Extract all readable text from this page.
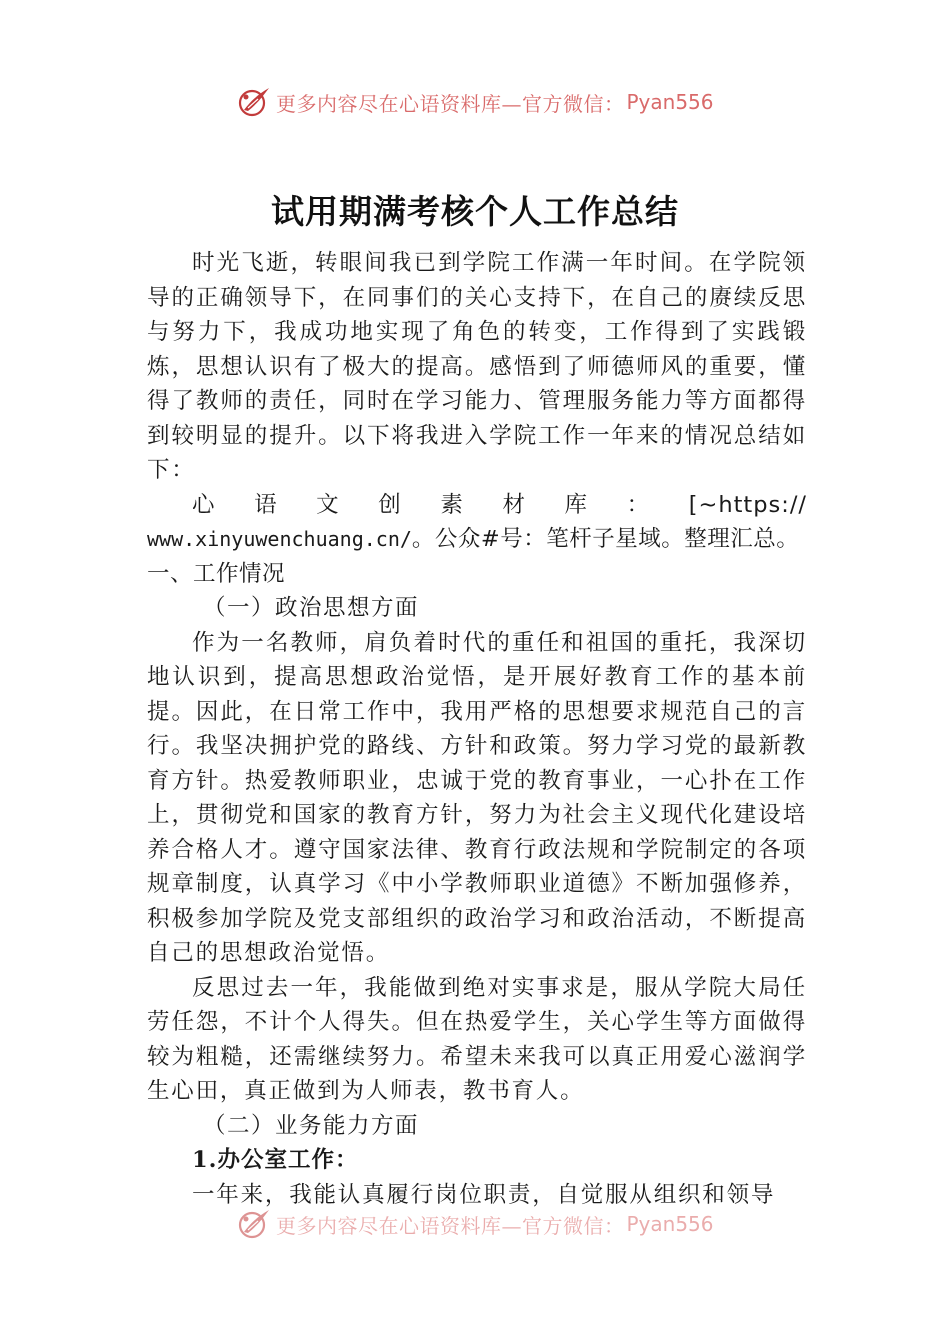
更多内容尽在心语资料库—官方微信： Pyan556
试用期满考核个人工作总结

时光飞逝，转眼间我已到学院工作满一年时间。在学院领导的正确领导下，在同事们的关心支持下，在自己的赓续反思与努力下，我成功地实现了角色的转变，工作得到了实践锻炼，思想认识有了极大的提高。感悟到了师德师风的重要，懂得了教师的责任，同时在学习能力、管理服务能力等方面都得到较明显的提升。以下将我进入学院工作一年来的情况总结如下：

心 语 文 创 素 材 库 ： [~https://

www.xinyuwenchuang.cn/。公众#号：笔杆子星域。整理汇总。一、工作情况

（一）政治思想方面

作为一名教师，肩负着时代的重任和祖国的重托，我深切地认识到，提高思想政治觉悟，是开展好教育工作的基本前提。因此，在日常工作中，我用严格的思想要求规范自己的言行。我坚决拥护党的路线、方针和政策。努力学习党的最新教育方针。热爱教师职业，忠诚于党的教育事业，一心扑在工作上，贯彻党和国家的教育方针，努力为社会主义现代化建设培养合格人才。遵守国家法律、教育行政法规和学院制定的各项规章制度，认真学习《中小学教师职业道德》不断加强修养，积极参加学院及党支部组织的政治学习和政治活动，不断提高自己的思想政治觉悟。

反思过去一年，我能做到绝对实事求是，服从学院大局任劳任怨，不计个人得失。但在热爱学生，关心学生等方面做得较为粗糙，还需继续努力。希望未来我可以真正用爱心滋润学生心田，真正做到为人师表，教书育人。

（二）业务能力方面

1.办公室工作：

一年来，我能认真履行岗位职责，自觉服从组织和领导

更多内容尽在心语资料库—官方微信： Pyan556
